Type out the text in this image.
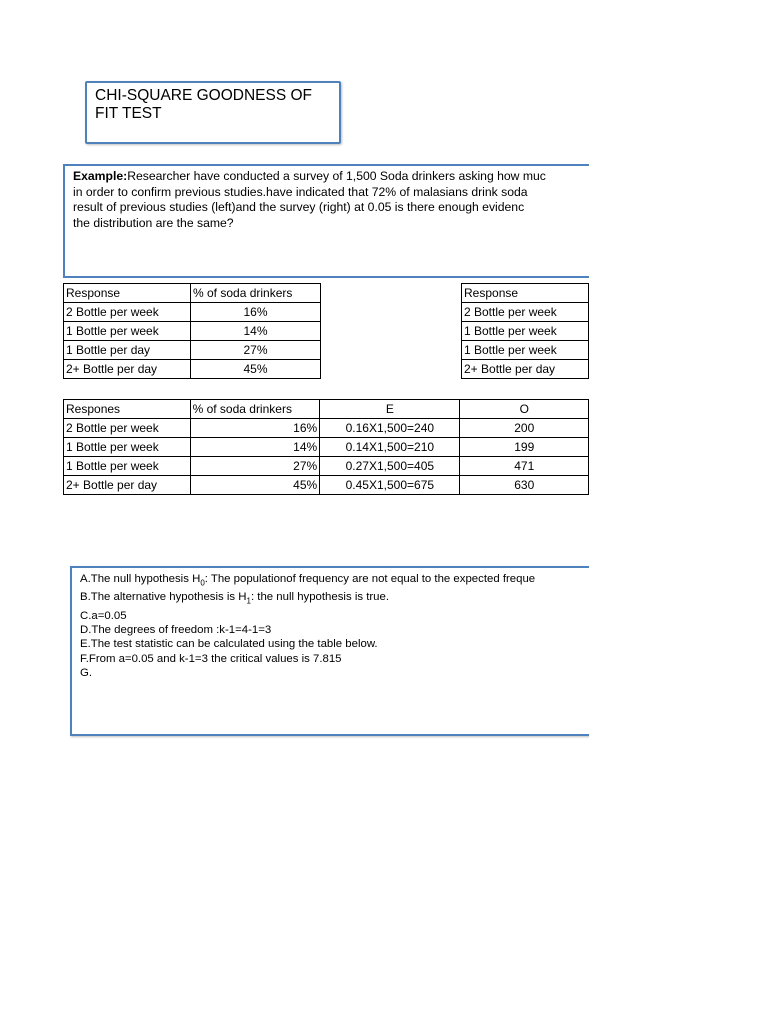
CHI-SQUARE GOODNESS OF FIT TEST
Example:Researcher have conducted a survey of 1,500 Soda drinkers asking how muc
in order to confirm previous studies.have indicated that 72% of malasians drink soda
result of previous studies (left)and the survey (right) at 0.05 is there enough evidenc
the distribution are the same?
Response	% of soda drinkers
2 Bottle per week	16%
1 Bottle per week	14%
1 Bottle per day	27%
2+ Bottle per day	45%
Response
2 Bottle per week
1 Bottle per week
1 Bottle per week
2+ Bottle per day
Respones	% of soda drinkers	E	O
2 Bottle per week	16%	0.16X1,500=240	200
1 Bottle per week	14%	0.14X1,500=210	199
1 Bottle per week	27%	0.27X1,500=405	471
2+ Bottle per day	45%	0.45X1,500=675	630
A.The null hypothesis $H_0$: The populationof frequency are not equal to the expected freque
B.The alternative hypothesis is $H_1$: the null hypothesis is true.
C.a=0.05
D.The degrees of freedom :k-1=4-1=3
E.The test statistic can be calculated using the table below.
F.From a=0.05 and k-1=3 the critical values is 7.815
G.
